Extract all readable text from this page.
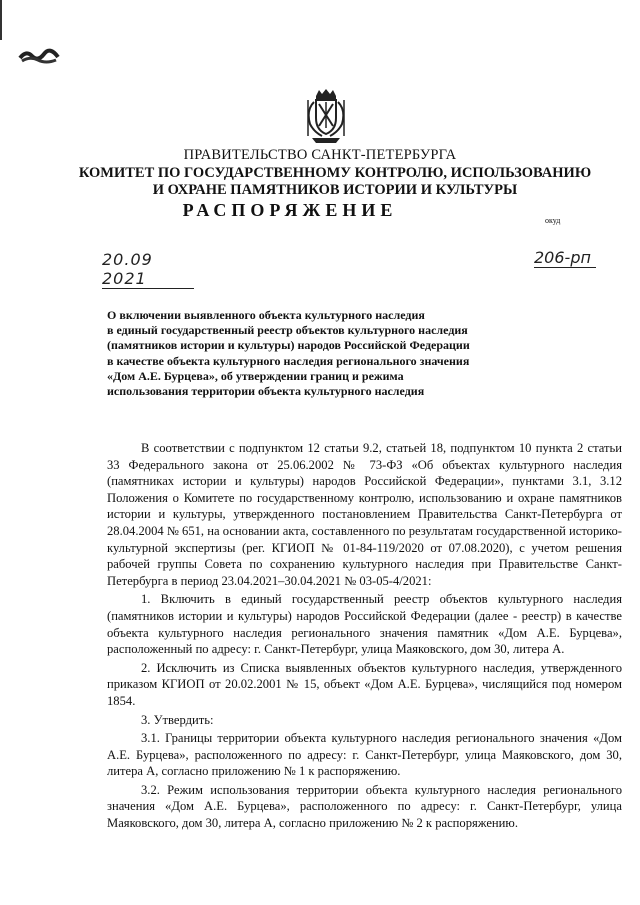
ПРАВИТЕЛЬСТВО САНКТ-ПЕТЕРБУРГА
КОМИТЕТ ПО ГОСУДАРСТВЕННОМУ КОНТРОЛЮ, ИСПОЛЬЗОВАНИЮ
И ОХРАНЕ ПАМЯТНИКОВ ИСТОРИИ И КУЛЬТУРЫ
РАСПОРЯЖЕНИЕ
окуд
20.09 2021
206-рп
О включении выявленного объекта культурного наследия
в единый государственный реестр объектов культурного наследия
(памятников истории и культуры) народов Российской Федерации
в качестве объекта культурного наследия регионального значения
«Дом А.Е. Бурцева», об утверждении границ и режима
использования территории объекта культурного наследия

В соответствии с подпунктом 12 статьи 9.2, статьей 18, подпунктом 10 пункта 2 статьи 33 Федерального закона от 25.06.2002 № 73-ФЗ «Об объектах культурного наследия (памятниках истории и культуры) народов Российской Федерации», пунктами 3.1, 3.12 Положения о Комитете по государственному контролю, использованию и охране памятников истории и культуры, утвержденного постановлением Правительства Санкт-Петербурга от 28.04.2004 № 651, на основании акта, составленного по результатам государственной историко-культурной экспертизы (рег. КГИОП № 01-84-119/2020 от 07.08.2020), с учетом решения рабочей группы Совета по сохранению культурного наследия при Правительстве Санкт-Петербурга в период 23.04.2021–30.04.2021 № 03-05-4/2021:

1. Включить в единый государственный реестр объектов культурного наследия (памятников истории и культуры) народов Российской Федерации (далее - реестр) в качестве объекта культурного наследия регионального значения памятник «Дом А.Е. Бурцева», расположенный по адресу: г. Санкт-Петербург, улица Маяковского, дом 30, литера А.

2. Исключить из Списка выявленных объектов культурного наследия, утвержденного приказом КГИОП от 20.02.2001 № 15, объект «Дом А.Е. Бурцева», числящийся под номером 1854.

3. Утвердить:

3.1. Границы территории объекта культурного наследия регионального значения «Дом А.Е. Бурцева», расположенного по адресу: г. Санкт-Петербург, улица Маяковского, дом 30, литера А, согласно приложению № 1 к распоряжению.

3.2. Режим использования территории объекта культурного наследия регионального значения «Дом А.Е. Бурцева», расположенного по адресу: г. Санкт-Петербург, улица Маяковского, дом 30, литера А, согласно приложению № 2 к распоряжению.
